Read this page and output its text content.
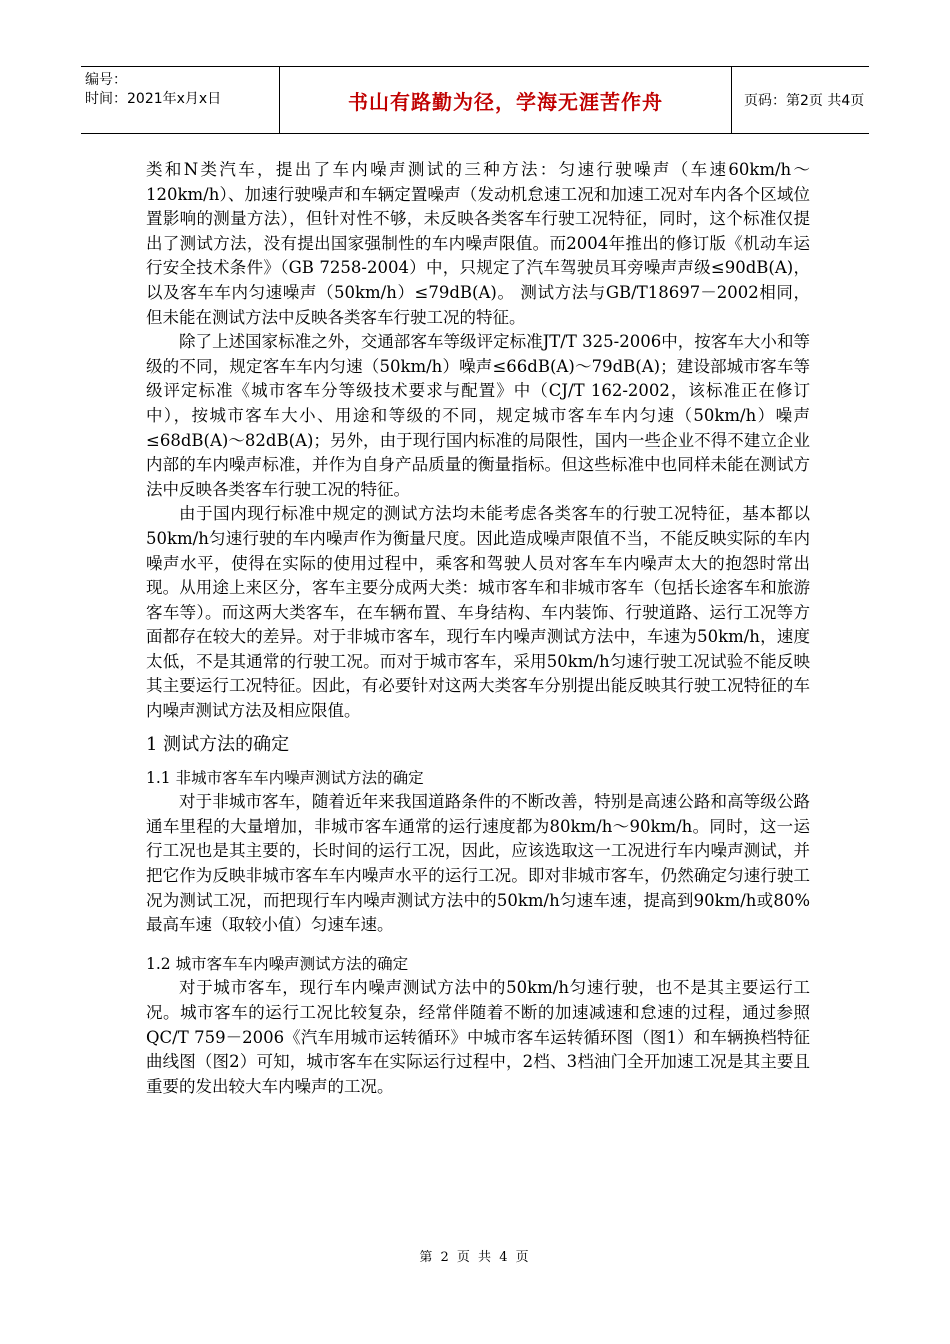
编号：
时间：2021年x月x日	书山有路勤为径，学海无涯苦作舟	页码：第2页 共4页

类和N类汽车，提出了车内噪声测试的三种方法：匀速行驶噪声（车速60km/h～120km/h）、加速行驶噪声和车辆定置噪声（发动机怠速工况和加速工况对车内各个区域位置影响的测量方法），但针对性不够，未反映各类客车行驶工况特征，同时，这个标准仅提出了测试方法，没有提出国家强制性的车内噪声限值。而2004年推出的修订版《机动车运行安全技术条件》（GB 7258-2004）中，只规定了汽车驾驶员耳旁噪声声级≤90dB(A)，以及客车车内匀速噪声（50km/h）≤79dB(A)。 测试方法与GB/T18697－2002相同，但未能在测试方法中反映各类客车行驶工况的特征。

除了上述国家标准之外，交通部客车等级评定标准JT/T 325-2006中，按客车大小和等级的不同，规定客车车内匀速（50km/h）噪声≤66dB(A)～79dB(A)；建设部城市客车等级评定标准《城市客车分等级技术要求与配置》中（CJ/T 162-2002，该标准正在修订中），按城市客车大小、用途和等级的不同，规定城市客车车内匀速（50km/h）噪声≤68dB(A)～82dB(A)；另外，由于现行国内标准的局限性，国内一些企业不得不建立企业内部的车内噪声标准，并作为自身产品质量的衡量指标。但这些标准中也同样未能在测试方法中反映各类客车行驶工况的特征。

由于国内现行标准中规定的测试方法均未能考虑各类客车的行驶工况特征，基本都以50km/h匀速行驶的车内噪声作为衡量尺度。因此造成噪声限值不当，不能反映实际的车内噪声水平，使得在实际的使用过程中，乘客和驾驶人员对客车车内噪声太大的抱怨时常出现。从用途上来区分，客车主要分成两大类：城市客车和非城市客车（包括长途客车和旅游客车等）。而这两大类客车，在车辆布置、车身结构、车内装饰、行驶道路、运行工况等方面都存在较大的差异。对于非城市客车，现行车内噪声测试方法中，车速为50km/h，速度太低，不是其通常的行驶工况。而对于城市客车，采用50km/h匀速行驶工况试验不能反映其主要运行工况特征。因此，有必要针对这两大类客车分别提出能反映其行驶工况特征的车内噪声测试方法及相应限值。

1 测试方法的确定

1.1 非城市客车车内噪声测试方法的确定

对于非城市客车，随着近年来我国道路条件的不断改善，特别是高速公路和高等级公路通车里程的大量增加，非城市客车通常的运行速度都为80km/h～90km/h。同时，这一运行工况也是其主要的，长时间的运行工况，因此，应该选取这一工况进行车内噪声测试，并把它作为反映非城市客车车内噪声水平的运行工况。即对非城市客车，仍然确定匀速行驶工况为测试工况，而把现行车内噪声测试方法中的50km/h匀速车速，提高到90km/h或80%最高车速（取较小值）匀速车速。

1.2 城市客车车内噪声测试方法的确定

对于城市客车，现行车内噪声测试方法中的50km/h匀速行驶，也不是其主要运行工况。城市客车的运行工况比较复杂，经常伴随着不断的加速减速和怠速的过程，通过参照QC/T 759－2006《汽车用城市运转循环》中城市客车运转循环图（图1）和车辆换档特征曲线图（图2）可知，城市客车在实际运行过程中，2档、3档油门全开加速工况是其主要且重要的发出较大车内噪声的工况。

第 2 页 共 4 页
